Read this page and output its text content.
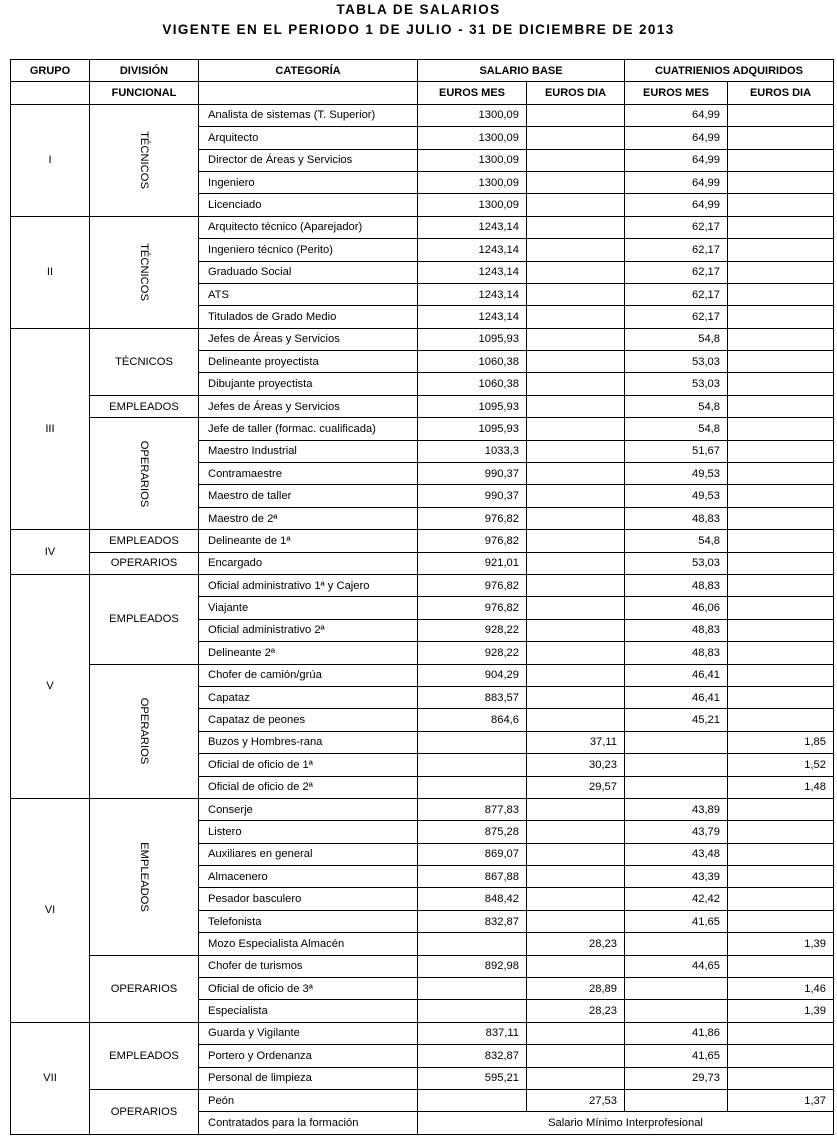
TABLA DE SALARIOS
VIGENTE EN EL PERIODO 1 DE JULIO - 31 DE DICIEMBRE DE 2013
GRUPO	DIVISIÓN	CATEGORÍA	SALARIO BASE		CUATRIENIOS ADQUIRIDOS	
	FUNCIONAL		EUROS MES	EUROS DIA	EUROS MES	EUROS DIA
I	TÉCNICOS	Analista de sistemas (T. Superior)	1300,09		64,99	
		Arquitecto	1300,09		64,99	
		Director de Áreas y Servicios	1300,09		64,99	
		Ingeniero	1300,09		64,99	
		Licenciado	1300,09		64,99	
II	TÉCNICOS	Arquitecto técnico (Aparejador)	1243,14		62,17	
		Ingeniero técnico (Perito)	1243,14		62,17	
		Graduado Social	1243,14		62,17	
		ATS	1243,14		62,17	
		Titulados de Grado Medio	1243,14		62,17	
III	TÉCNICOS	Jefes de Áreas y Servicios	1095,93		54,8	
		Delineante proyectista	1060,38		53,03	
		Dibujante proyectista	1060,38		53,03	
	EMPLEADOS	Jefes de Áreas y Servicios	1095,93		54,8	

	OPERARIOS	Jefe de taller (formac. cualificada)	1095,93		54,8	
		Maestro Industrial	1033,3		51,67	
		Contramaestre	990,37		49,53	
		Maestro de taller	990,37		49,53	
		Maestro de 2ª	976,82		48,83	
IV	EMPLEADOS	Delineante de 1ª	976,82		54,8	
	OPERARIOS	Encargado	921,01		53,03	
V	EMPLEADOS	Oficial administrativo 1ª y Cajero	976,82		48,83	
		Viajante	976,82		46,06	
		Oficial administrativo 2ª	928,22		48,83	
		Delineante 2ª	928,22		48,83	

	OPERARIOS	Chofer de camión/grúa	904,29		46,41	
		Capataz	883,57		46,41	
		Capataz de peones	864,6		45,21	
		Buzos y Hombres-rana		37,11		1,85
		Oficial de oficio de 1ª		30,23		1,52
		Oficial de oficio de 2ª		29,57		1,48
VI	EMPLEADOS	Conserje	877,83		43,89	
		Listero	875,28		43,79	
		Auxiliares en general	869,07		43,48	
		Almacenero	867,88		43,39	
		Pesador basculero	848,42		42,42	
		Telefonista	832,87		41,65	
		Mozo Especialista Almacén		28,23		1,39
	OPERARIOS	Chofer de turismos	892,98		44,65	
		Oficial de oficio de 3ª		28,89		1,46
		Especialista		28,23		1,39
VII	EMPLEADOS	Guarda y Vigilante	837,11		41,86	
		Portero y Ordenanza	832,87		41,65	
		Personal de limpieza	595,21		29,73	
	OPERARIOS	Peón		27,53		1,37
		Contratados para la formación	Salario Mínimo Interprofesional			
